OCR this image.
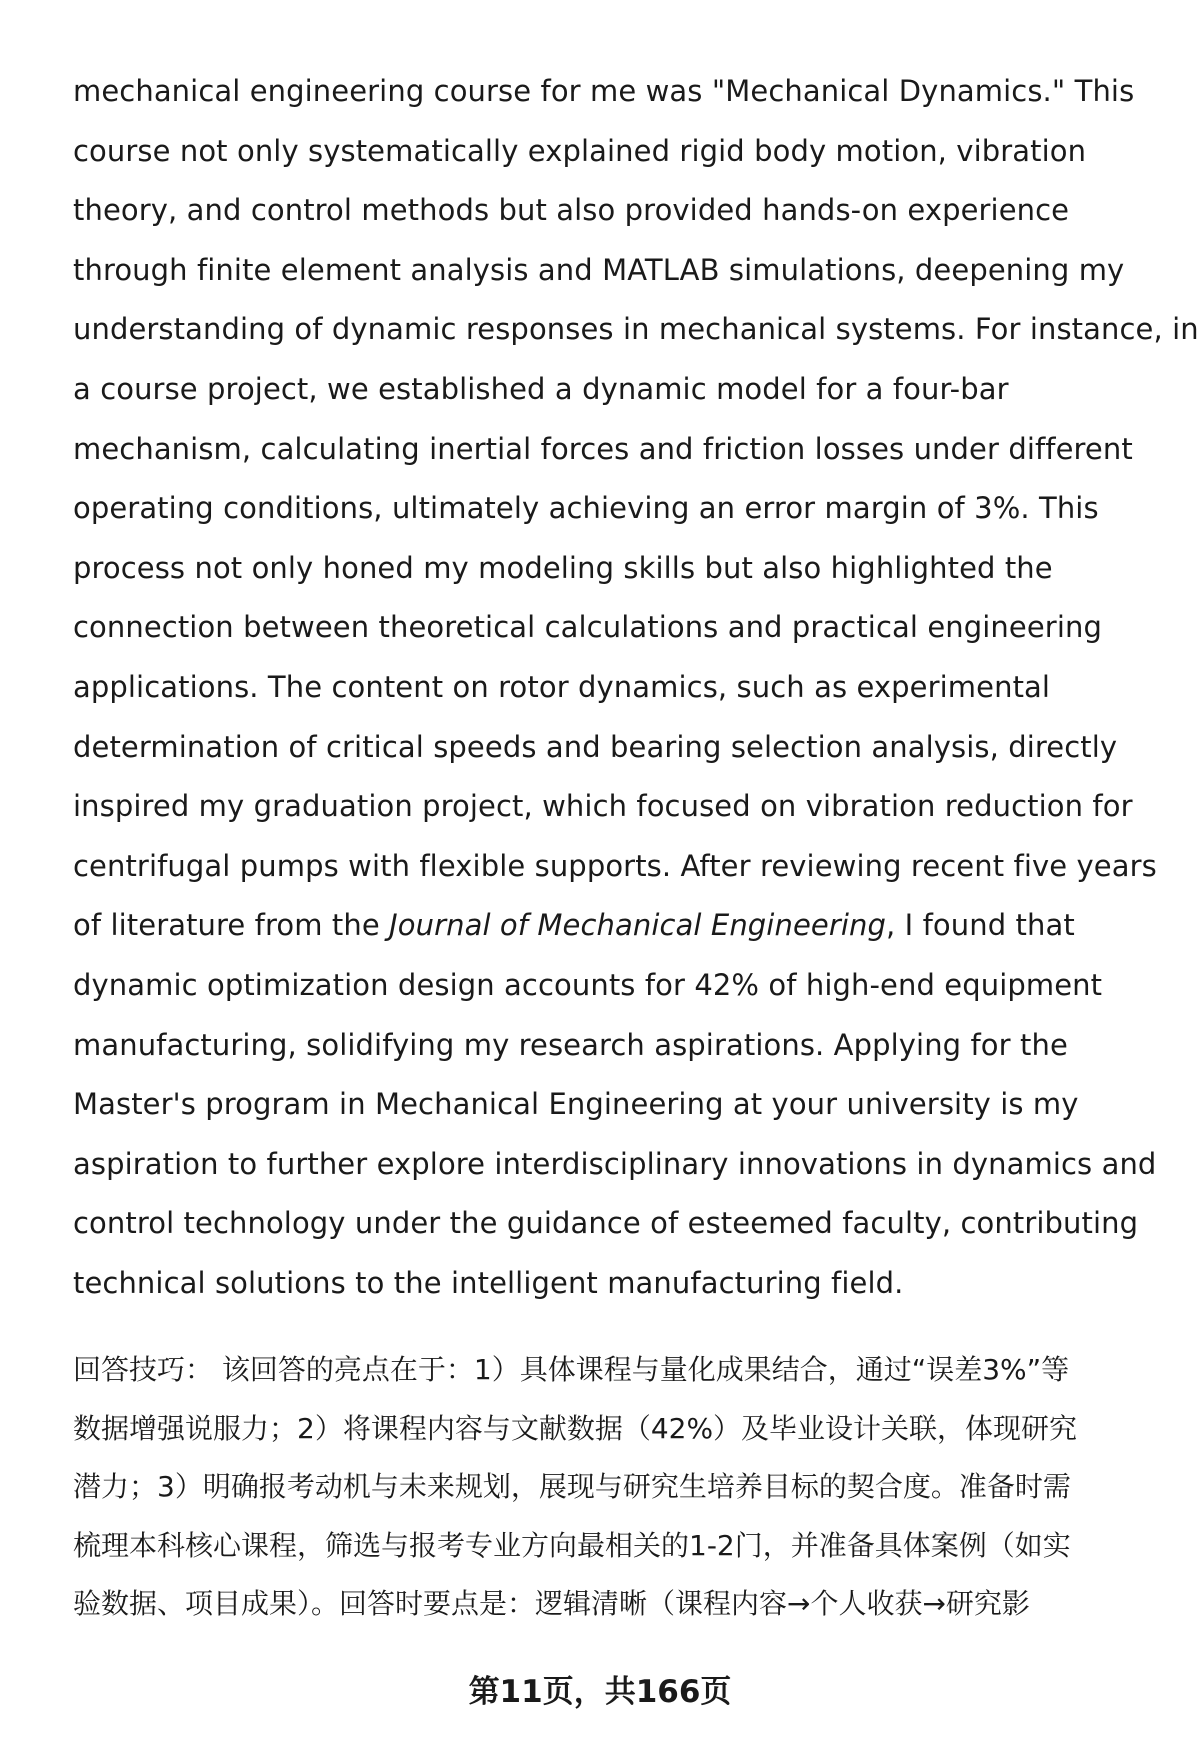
mechanical engineering course for me was "Mechanical Dynamics." This
course not only systematically explained rigid body motion, vibration
theory, and control methods but also provided hands-on experience
through finite element analysis and MATLAB simulations, deepening my
understanding of dynamic responses in mechanical systems. For instance, in
a course project, we established a dynamic model for a four-bar
mechanism, calculating inertial forces and friction losses under different
operating conditions, ultimately achieving an error margin of 3%. This
process not only honed my modeling skills but also highlighted the
connection between theoretical calculations and practical engineering
applications. The content on rotor dynamics, such as experimental
determination of critical speeds and bearing selection analysis, directly
inspired my graduation project, which focused on vibration reduction for
centrifugal pumps with flexible supports. After reviewing recent five years
of literature from the Journal of Mechanical Engineering, I found that
dynamic optimization design accounts for 42% of high-end equipment
manufacturing, solidifying my research aspirations. Applying for the
Master's program in Mechanical Engineering at your university is my
aspiration to further explore interdisciplinary innovations in dynamics and
control technology under the guidance of esteemed faculty, contributing
technical solutions to the intelligent manufacturing field.
回答技巧： 该回答的亮点在于：1）具体课程与量化成果结合，通过“误差3%”等
数据增强说服力；2）将课程内容与文献数据（42%）及毕业设计关联，体现研究
潜力；3）明确报考动机与未来规划，展现与研究生培养目标的契合度。准备时需
梳理本科核心课程，筛选与报考专业方向最相关的1-2门，并准备具体案例（如实
验数据、项目成果）。回答时要点是：逻辑清晰（课程内容→个人收获→研究影
第11页，共166页
